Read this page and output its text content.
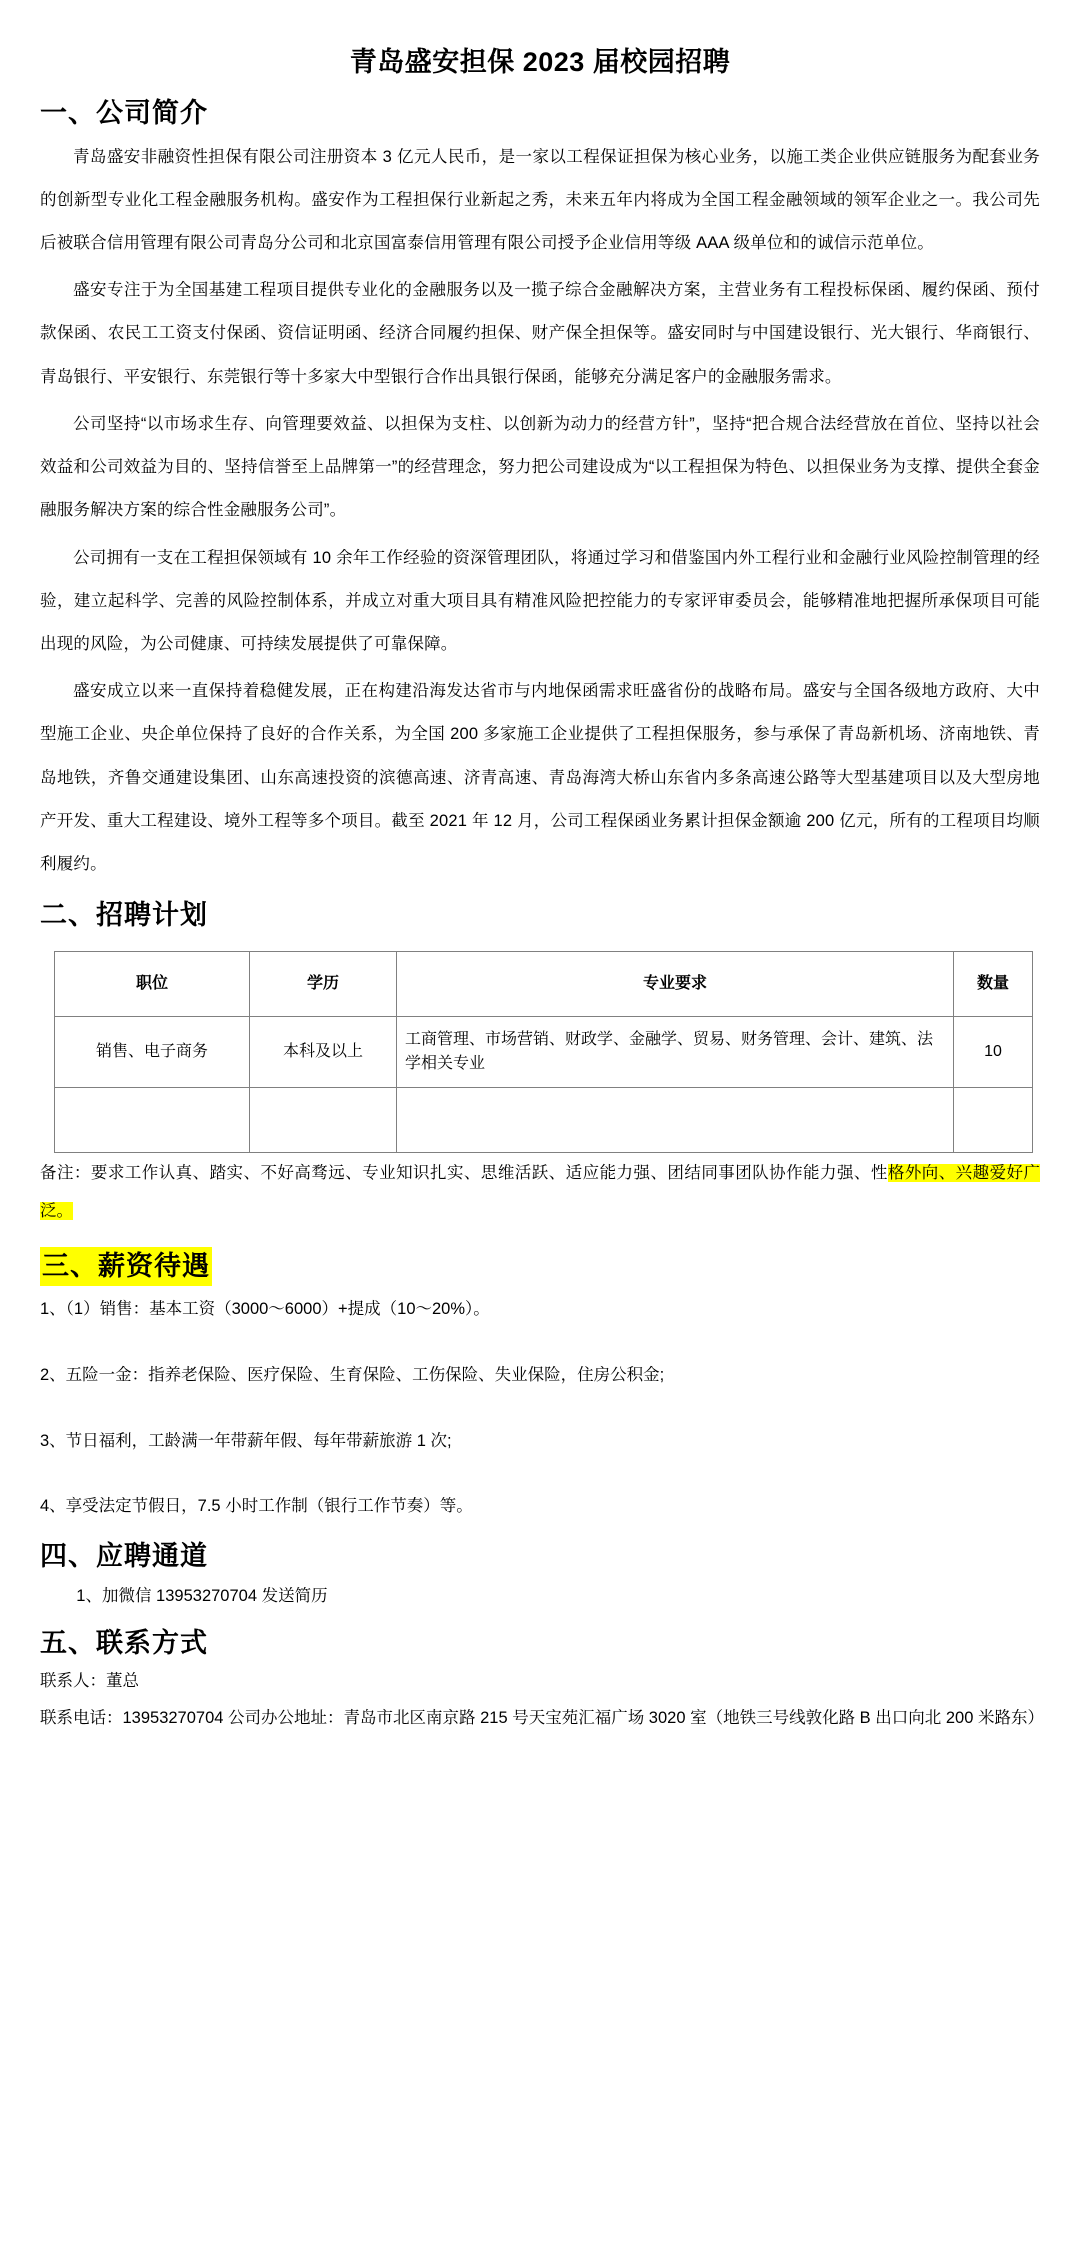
青岛盛安担保 2023 届校园招聘
一、公司简介

青岛盛安非融资性担保有限公司注册资本 3 亿元人民币，是一家以工程保证担保为核心业务，以施工类企业供应链服务为配套业务的创新型专业化工程金融服务机构。盛安作为工程担保行业新起之秀，未来五年内将成为全国工程金融领域的领军企业之一。我公司先后被联合信用管理有限公司青岛分公司和北京国富泰信用管理有限公司授予企业信用等级 AAA 级单位和的诚信示范单位。

盛安专注于为全国基建工程项目提供专业化的金融服务以及一揽子综合金融解决方案，主营业务有工程投标保函、履约保函、预付款保函、农民工工资支付保函、资信证明函、经济合同履约担保、财产保全担保等。盛安同时与中国建设银行、光大银行、华商银行、青岛银行、平安银行、东莞银行等十多家大中型银行合作出具银行保函，能够充分满足客户的金融服务需求。

公司坚持“以市场求生存、向管理要效益、以担保为支柱、以创新为动力的经营方针”，坚持“把合规合法经营放在首位、坚持以社会效益和公司效益为目的、坚持信誉至上品牌第一”的经营理念，努力把公司建设成为“以工程担保为特色、以担保业务为支撑、提供全套金融服务解决方案的综合性金融服务公司”。

公司拥有一支在工程担保领域有 10 余年工作经验的资深管理团队，将通过学习和借鉴国内外工程行业和金融行业风险控制管理的经验，建立起科学、完善的风险控制体系，并成立对重大项目具有精准风险把控能力的专家评审委员会，能够精准地把握所承保项目可能出现的风险，为公司健康、可持续发展提供了可靠保障。

盛安成立以来一直保持着稳健发展，正在构建沿海发达省市与内地保函需求旺盛省份的战略布局。盛安与全国各级地方政府、大中型施工企业、央企单位保持了良好的合作关系，为全国 200 多家施工企业提供了工程担保服务，参与承保了青岛新机场、济南地铁、青岛地铁，齐鲁交通建设集团、山东高速投资的滨德高速、济青高速、青岛海湾大桥山东省内多条高速公路等大型基建项目以及大型房地产开发、重大工程建设、境外工程等多个项目。截至 2021 年 12 月，公司工程保函业务累计担保金额逾 200 亿元，所有的工程项目均顺利履约。

二、招聘计划
职位	学历	专业要求	数量
销售、电子商务	本科及以上	工商管理、市场营销、财政学、金融学、贸易、财务管理、会计、建筑、法学相关专业	10

备注：要求工作认真、踏实、不好高骛远、专业知识扎实、思维活跃、适应能力强、团结同事团队协作能力强、性格外向、兴趣爱好广泛。

三、薪资待遇

1、（1）销售：基本工资（3000～6000）+提成（10～20%）。

2、五险一金：指养老保险、医疗保险、生育保险、工伤保险、失业保险，住房公积金;

3、节日福利，工龄满一年带薪年假、每年带薪旅游 1 次;

4、享受法定节假日，7.5 小时工作制（银行工作节奏）等。

四、应聘通道

1、加微信 13953270704 发送简历

五、联系方式

联系人：董总

联系电话：13953270704 公司办公地址：青岛市北区南京路 215 号天宝苑汇福广场 3020 室（地铁三号线敦化路 B 出口向北 200 米路东）
